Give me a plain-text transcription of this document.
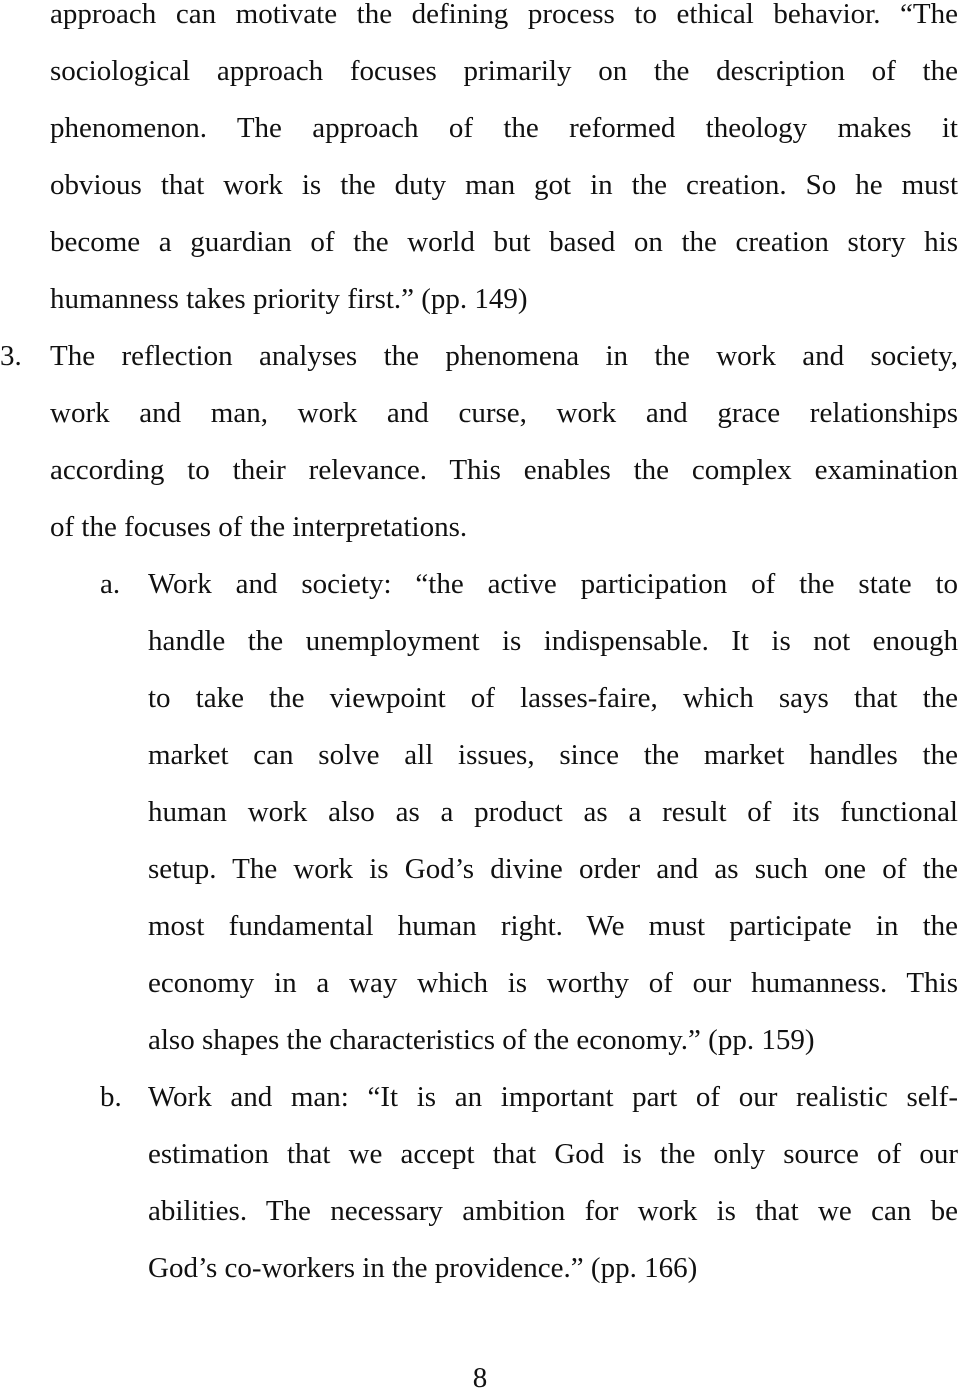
approach can motivate the defining process to ethical behavior. “The
sociological approach focuses primarily on the description of the
phenomenon. The approach of the reformed theology makes it
obvious that work is the duty man got in the creation. So he must
become a guardian of the world but based on the creation story his
humanness takes priority first.” (pp. 149)
3. The reflection analyses the phenomena in the work and society,
work and man, work and curse, work and grace relationships
according to their relevance. This enables the complex examination
of the focuses of the interpretations.
a. Work and society: “the active participation of the state to
handle the unemployment is indispensable. It is not enough
to take the viewpoint of lasses-faire, which says that the
market can solve all issues, since the market handles the
human work also as a product as a result of its functional
setup. The work is God’s divine order and as such one of the
most fundamental human right. We must participate in the
economy in a way which is worthy of our humanness. This
also shapes the characteristics of the economy.” (pp. 159)
b. Work and man: “It is an important part of our realistic self-
estimation that we accept that God is the only source of our
abilities. The necessary ambition for work is that we can be
God’s co-workers in the providence.” (pp. 166)
8
